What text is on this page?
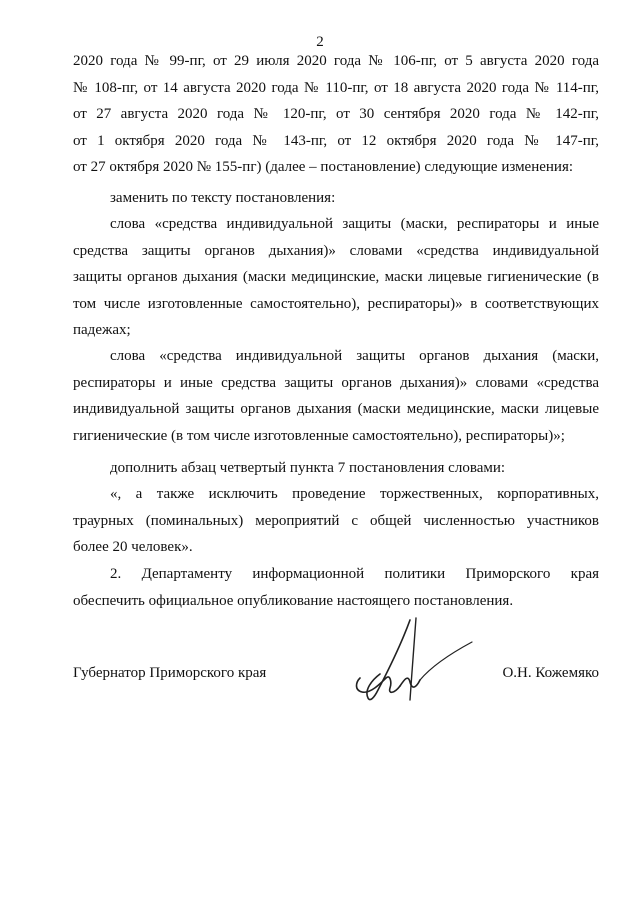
2
2020 года № 99-пг, от 29 июля 2020 года № 106-пг, от 5 августа 2020 года
№ 108-пг, от 14 августа 2020 года № 110-пг, от 18 августа 2020 года № 114-пг,
от 27 августа 2020 года № 120-пг, от 30 сентября 2020 года № 142-пг,
от 1 октября 2020 года № 143-пг, от 12 октября 2020 года № 147-пг,
от 27 октября 2020 № 155-пг) (далее – постановление) следующие изменения:
заменить по тексту постановления:
слова «средства индивидуальной защиты (маски, респираторы и иные
средства защиты органов дыхания)» словами «средства индивидуальной
защиты органов дыхания (маски медицинские, маски лицевые гигиенические (в
том числе изготовленные самостоятельно), респираторы)» в соответствующих
падежах;
слова «средства индивидуальной защиты органов дыхания (маски,
респираторы и иные средства защиты органов дыхания)» словами «средства
индивидуальной защиты органов дыхания (маски медицинские, маски лицевые
гигиенические (в том числе изготовленные самостоятельно), респираторы)»;
дополнить абзац четвертый пункта 7 постановления словами:
«, а также исключить проведение торжественных, корпоративных,
траурных (поминальных) мероприятий с общей численностью участников
более 20 человек».
2. Департаменту информационной политики Приморского края
обеспечить официальное опубликование настоящего постановления.
Губернатор Приморского края	О.Н. Кожемяко
